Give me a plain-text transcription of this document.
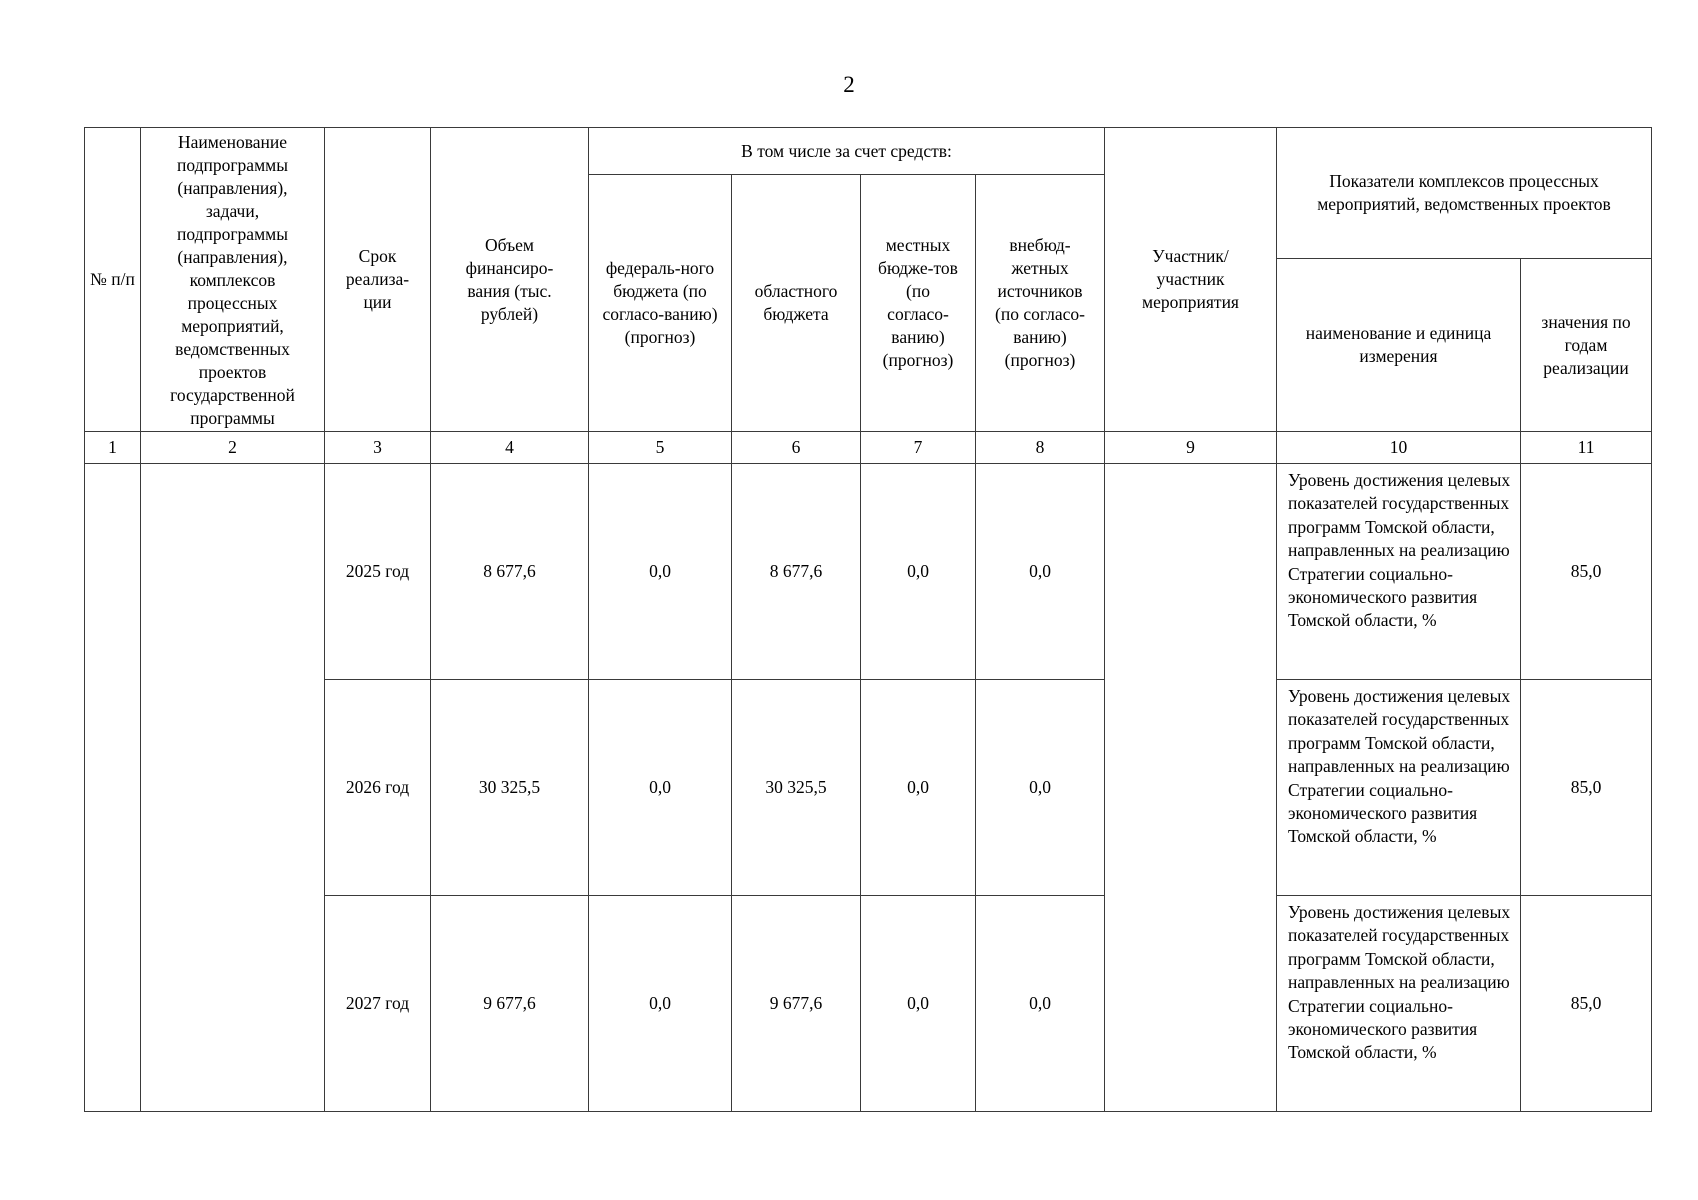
2
№ п/п	Наименование подпрограммы (направления), задачи, подпрограммы (направления), комплексов процессных мероприятий, ведомственных проектов государственной программы	Срок реализа-ции	Объем финансиро-вания (тыс. рублей)	В том числе за счет средств:				Участник/ участник мероприятия	Показатели комплексов процессных мероприятий, ведомственных проектов	
				федераль-ного бюджета (по согласо-ванию) (прогноз)	областного бюджета	местных бюдже-тов (по согласо-ванию) (прогноз)	внебюд-жетных источников (по согласо-ванию) (прогноз)			
									наименование и единица измерения	значения по годам реализации
1	2	3	4	5	6	7	8	9	10	11
		2025 год	8 677,6	0,0	8 677,6	0,0	0,0		Уровень достижения целевых показателей государственных программ Томской области, направленных на реализацию Стратегии социально-экономического развития Томской области, %	85,0
		2026 год	30 325,5	0,0	30 325,5	0,0	0,0		Уровень достижения целевых показателей государственных программ Томской области, направленных на реализацию Стратегии социально-экономического развития Томской области, %	85,0
		2027 год	9 677,6	0,0	9 677,6	0,0	0,0		Уровень достижения целевых показателей государственных программ Томской области, направленных на реализацию Стратегии социально-экономического развития Томской области, %	85,0
